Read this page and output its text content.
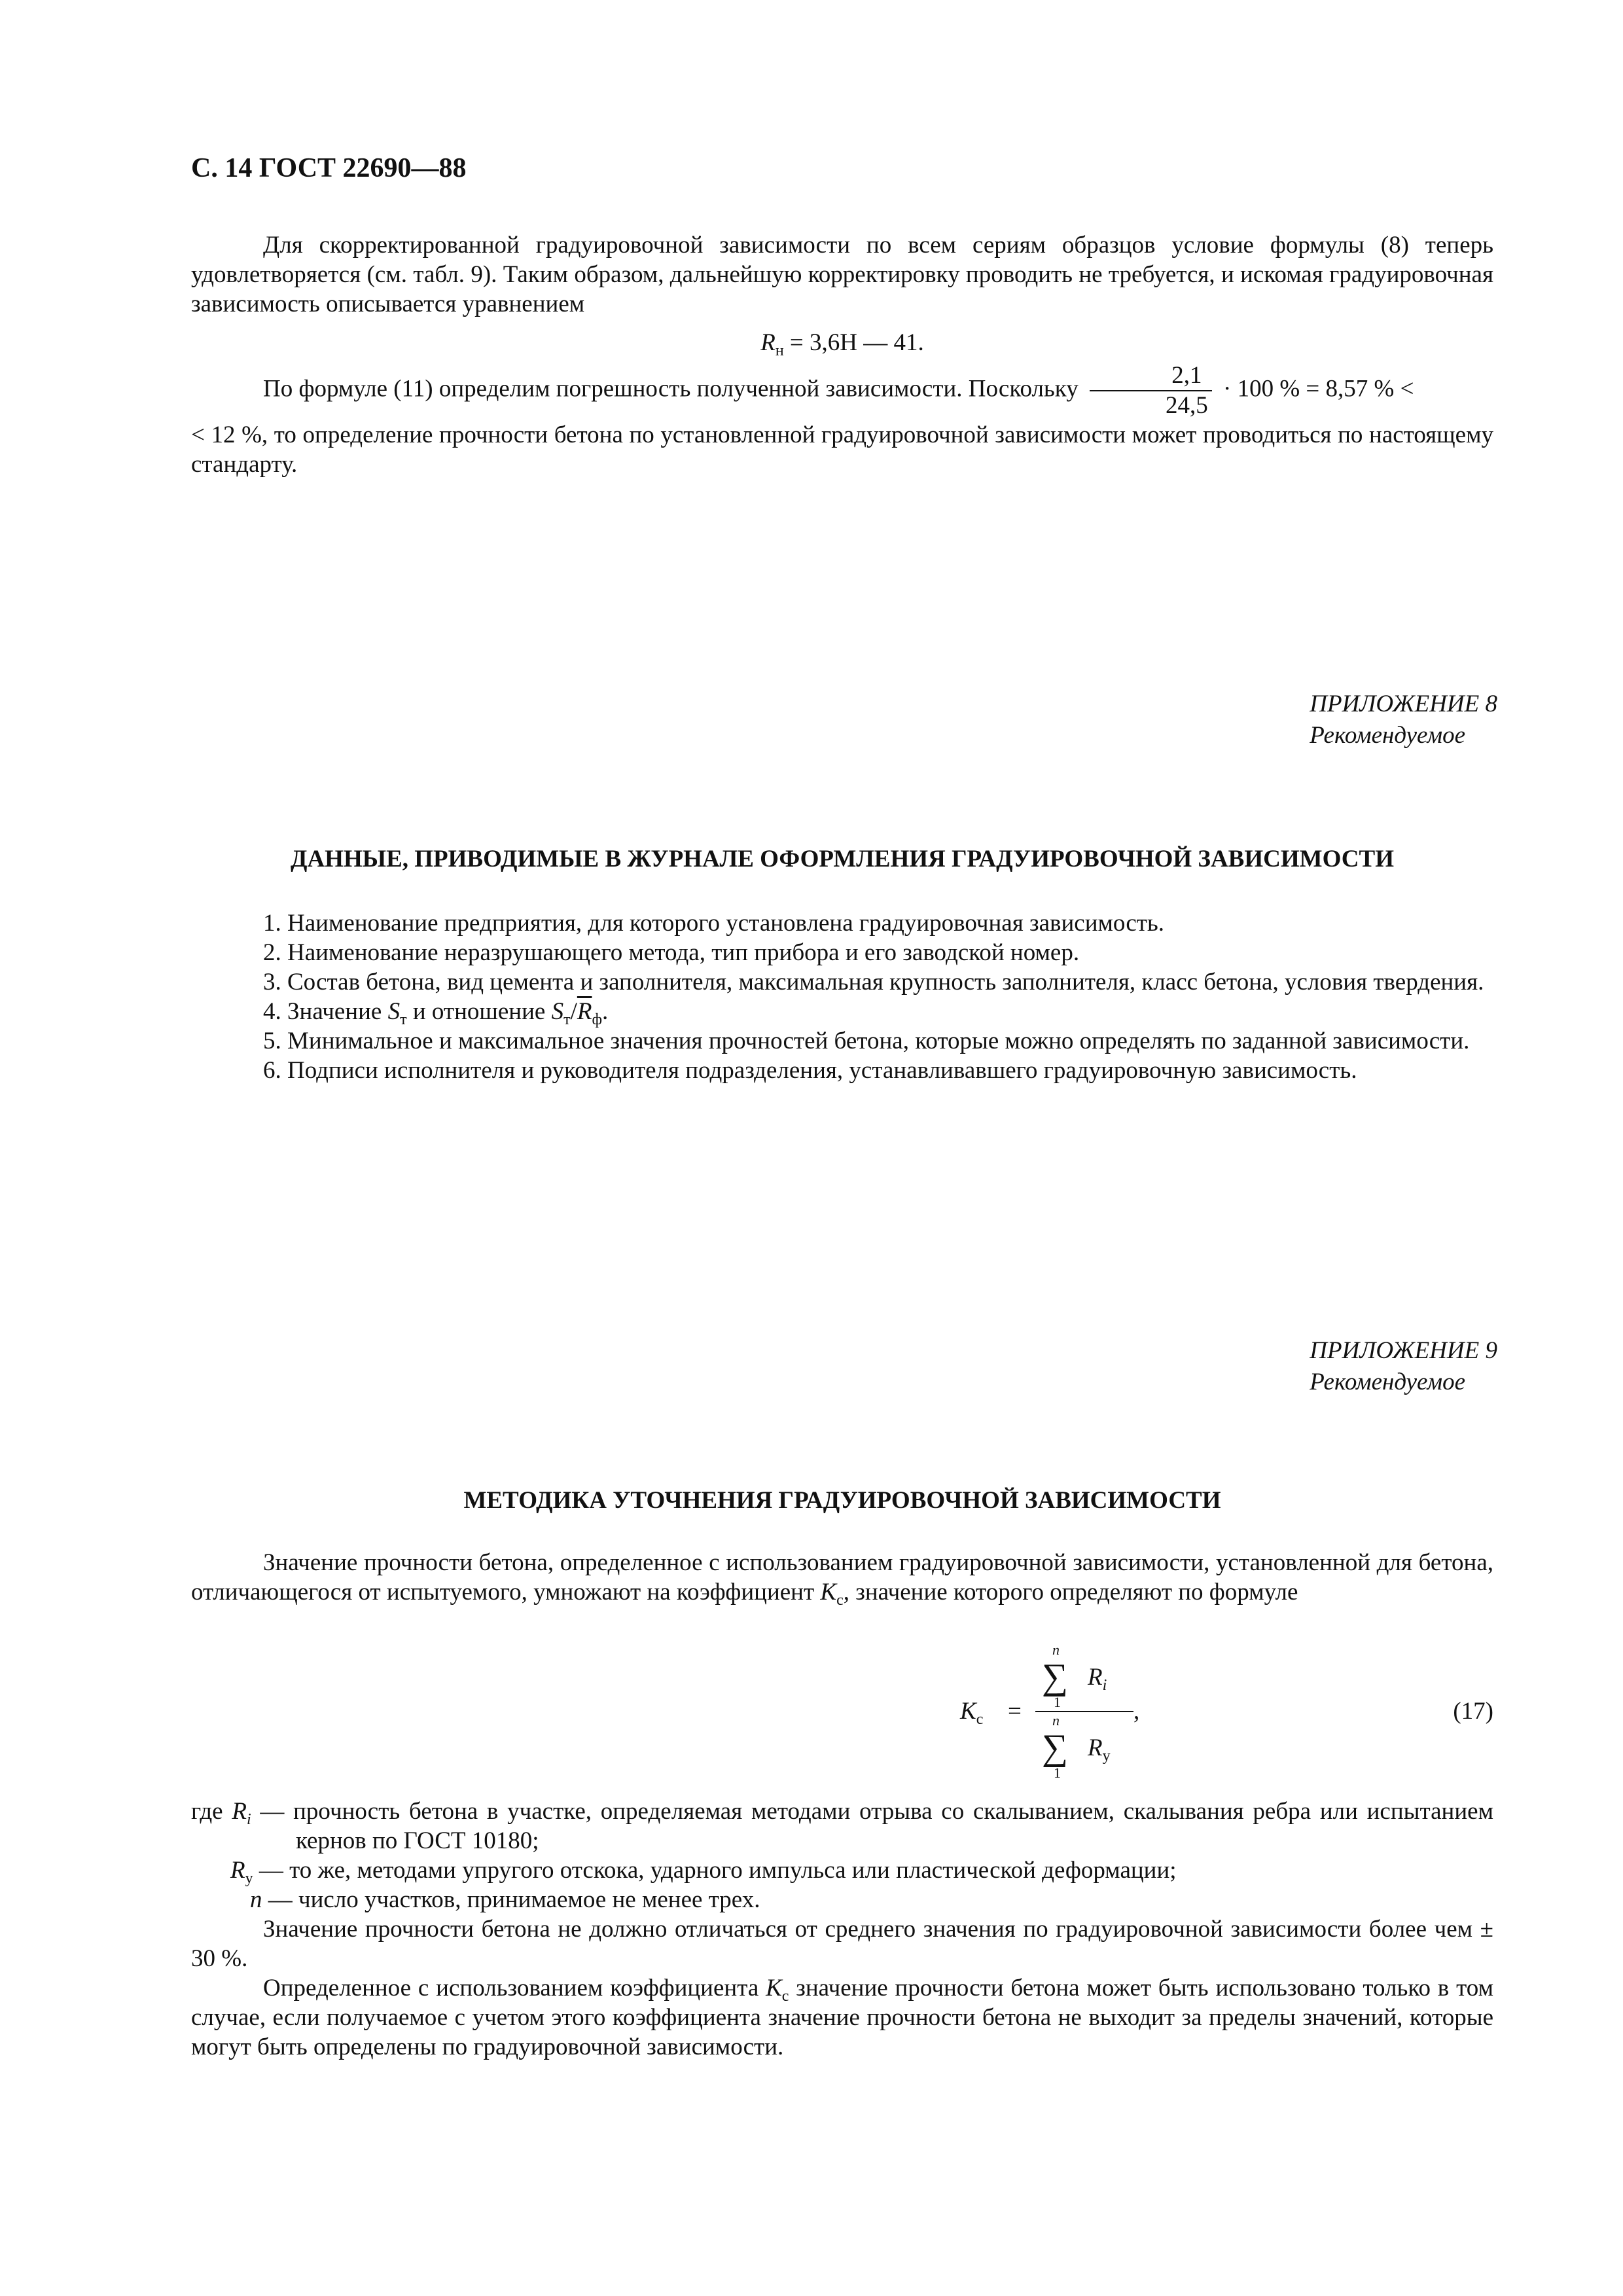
С. 14 ГОСТ 22690—88

Для скорректированной градуировочной зависимости по всем сериям образцов условие формулы (8) теперь удовлетворяется (см. табл. 9). Таким образом, дальнейшую корректировку проводить не требуется, и искомая градуировочная зависимость описывается уравнением

$R_н = 3,6H$ — 41.

По формуле (11) определим погрешность полученной зависимости. Поскольку $\frac{2,1}{24,5} \cdot 100$ % = 8,57 % <

< 12 %, то определение прочности бетона по установленной градуировочной зависимости может проводиться по настоящему стандарту.

ПРИЛОЖЕНИЕ 8
Рекомендуемое
ДАННЫЕ, ПРИВОДИМЫЕ В ЖУРНАЛЕ ОФОРМЛЕНИЯ ГРАДУИРОВОЧНОЙ ЗАВИСИМОСТИ

1. Наименование предприятия, для которого установлена градуировочная зависимость.

2. Наименование неразрушающего метода, тип прибора и его заводской номер.

3. Состав бетона, вид цемента и заполнителя, максимальная крупность заполнителя, класс бетона, условия твердения.

4. Значение $S_т$ и отношение $S_т/\overline{R}_ф$.

5. Минимальное и максимальное значения прочностей бетона, которые можно определять по заданной зависимости.

6. Подписи исполнителя и руководителя подразделения, устанавливавшего градуировочную зависимость.

ПРИЛОЖЕНИЕ 9
Рекомендуемое
МЕТОДИКА УТОЧНЕНИЯ ГРАДУИРОВОЧНОЙ ЗАВИСИМОСТИ

Значение прочности бетона, определенное с использованием градуировочной зависимости, установленной для бетона, отличающегося от испытуемого, умножают на коэффициент $K_с$, значение которого определяют по формуле

$K_с$ =
n
∑
1
$R_i$
n
∑
1
$R_у$
,	(17)

где $R_i$ — прочность бетона в участке, определяемая методами отрыва со скалыванием, скалывания ребра или испытанием кернов по ГОСТ 10180;

$R_у$ — то же, методами упругого отскока, ударного импульса или пластической деформации;

n — число участков, принимаемое не менее трех.

Значение прочности бетона не должно отличаться от среднего значения по градуировочной зависимости более чем ± 30 %.

Определенное с использованием коэффициента $K_с$ значение прочности бетона может быть использовано только в том случае, если получаемое с учетом этого коэффициента значение прочности бетона не выходит за пределы значений, которые могут быть определены по градуировочной зависимости.
